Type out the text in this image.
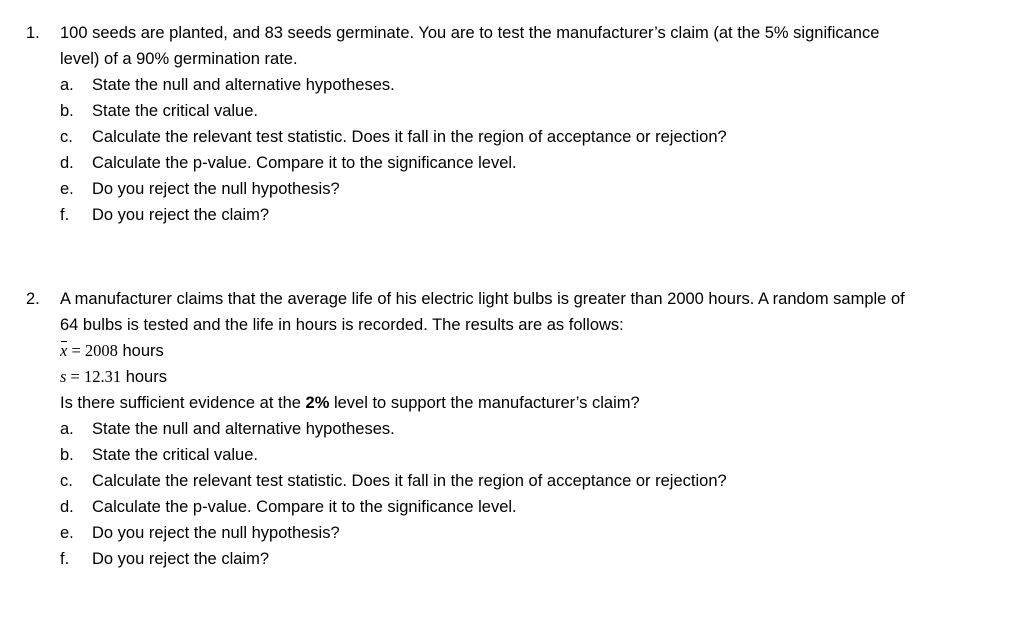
1. 100 seeds are planted, and 83 seeds germinate. You are to test the manufacturer’s claim (at the 5% significance
level) of a 90% germination rate.
a. State the null and alternative hypotheses.
b. State the critical value.
c. Calculate the relevant test statistic. Does it fall in the region of acceptance or rejection?
d. Calculate the p-value. Compare it to the significance level.
e. Do you reject the null hypothesis?
f. Do you reject the claim?
2. A manufacturer claims that the average life of his electric light bulbs is greater than 2000 hours. A random sample of
64 bulbs is tested and the life in hours is recorded. The results are as follows:
x = 2008 hours
s = 12.31 hours
Is there sufficient evidence at the 2% level to support the manufacturer’s claim?
a. State the null and alternative hypotheses.
b. State the critical value.
c. Calculate the relevant test statistic. Does it fall in the region of acceptance or rejection?
d. Calculate the p-value. Compare it to the significance level.
e. Do you reject the null hypothesis?
f. Do you reject the claim?
